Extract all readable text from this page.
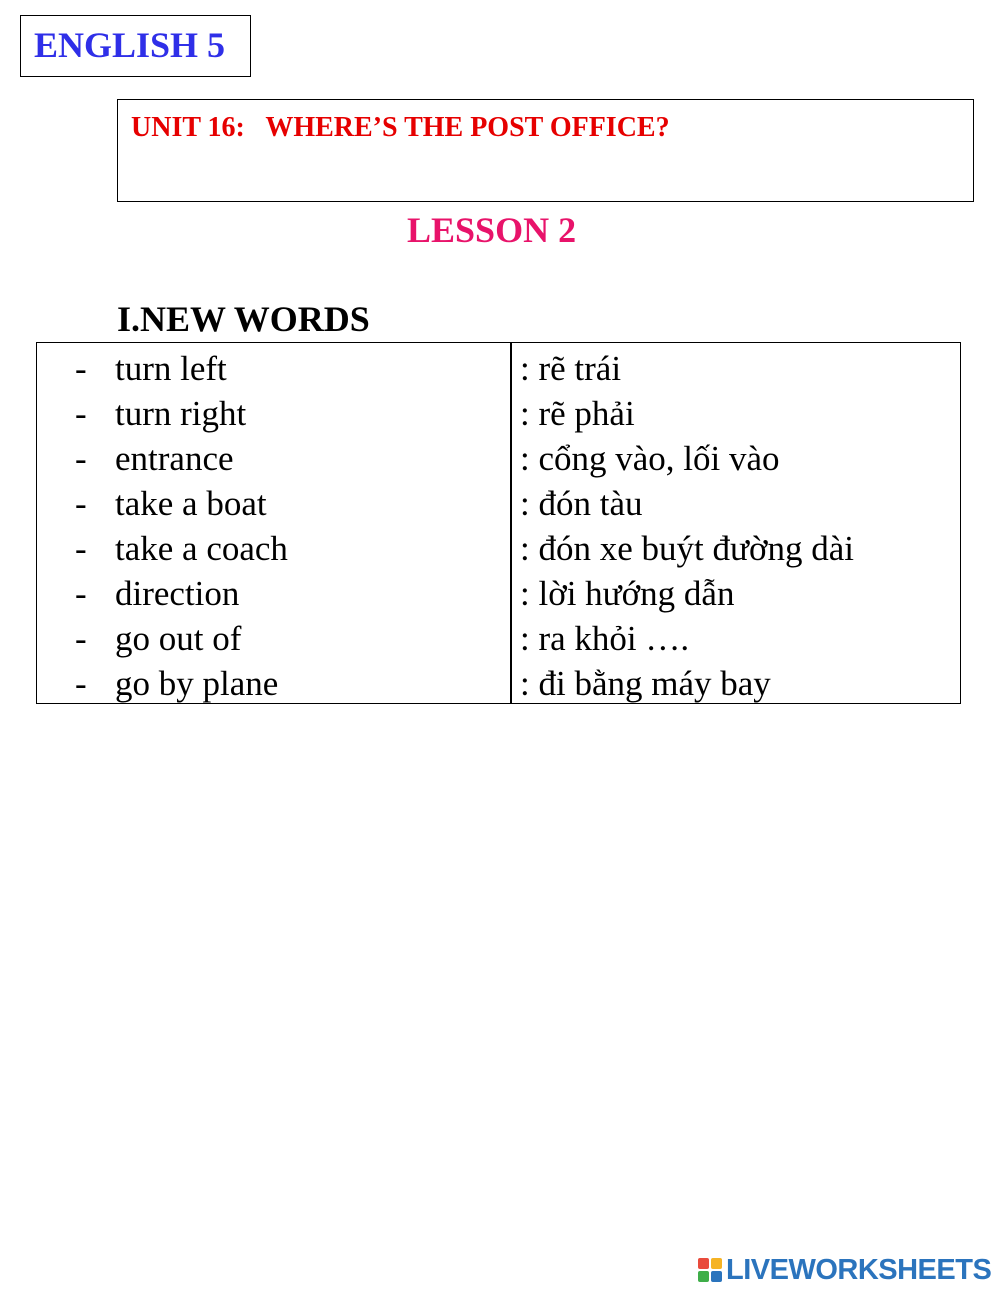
ENGLISH 5
UNIT 16:   WHERE’S THE POST OFFICE?
LESSON 2
I.NEW WORDS
- turn left	: rẽ trái
- turn right	: rẽ phải
- entrance	: cổng vào, lối vào
- take a boat	: đón tàu
- take a coach	: đón xe buýt đường dài
- direction	: lời hướng dẫn
- go out of	: ra khỏi ….
- go by plane	: đi bằng máy bay
LIVEWORKSHEETS
